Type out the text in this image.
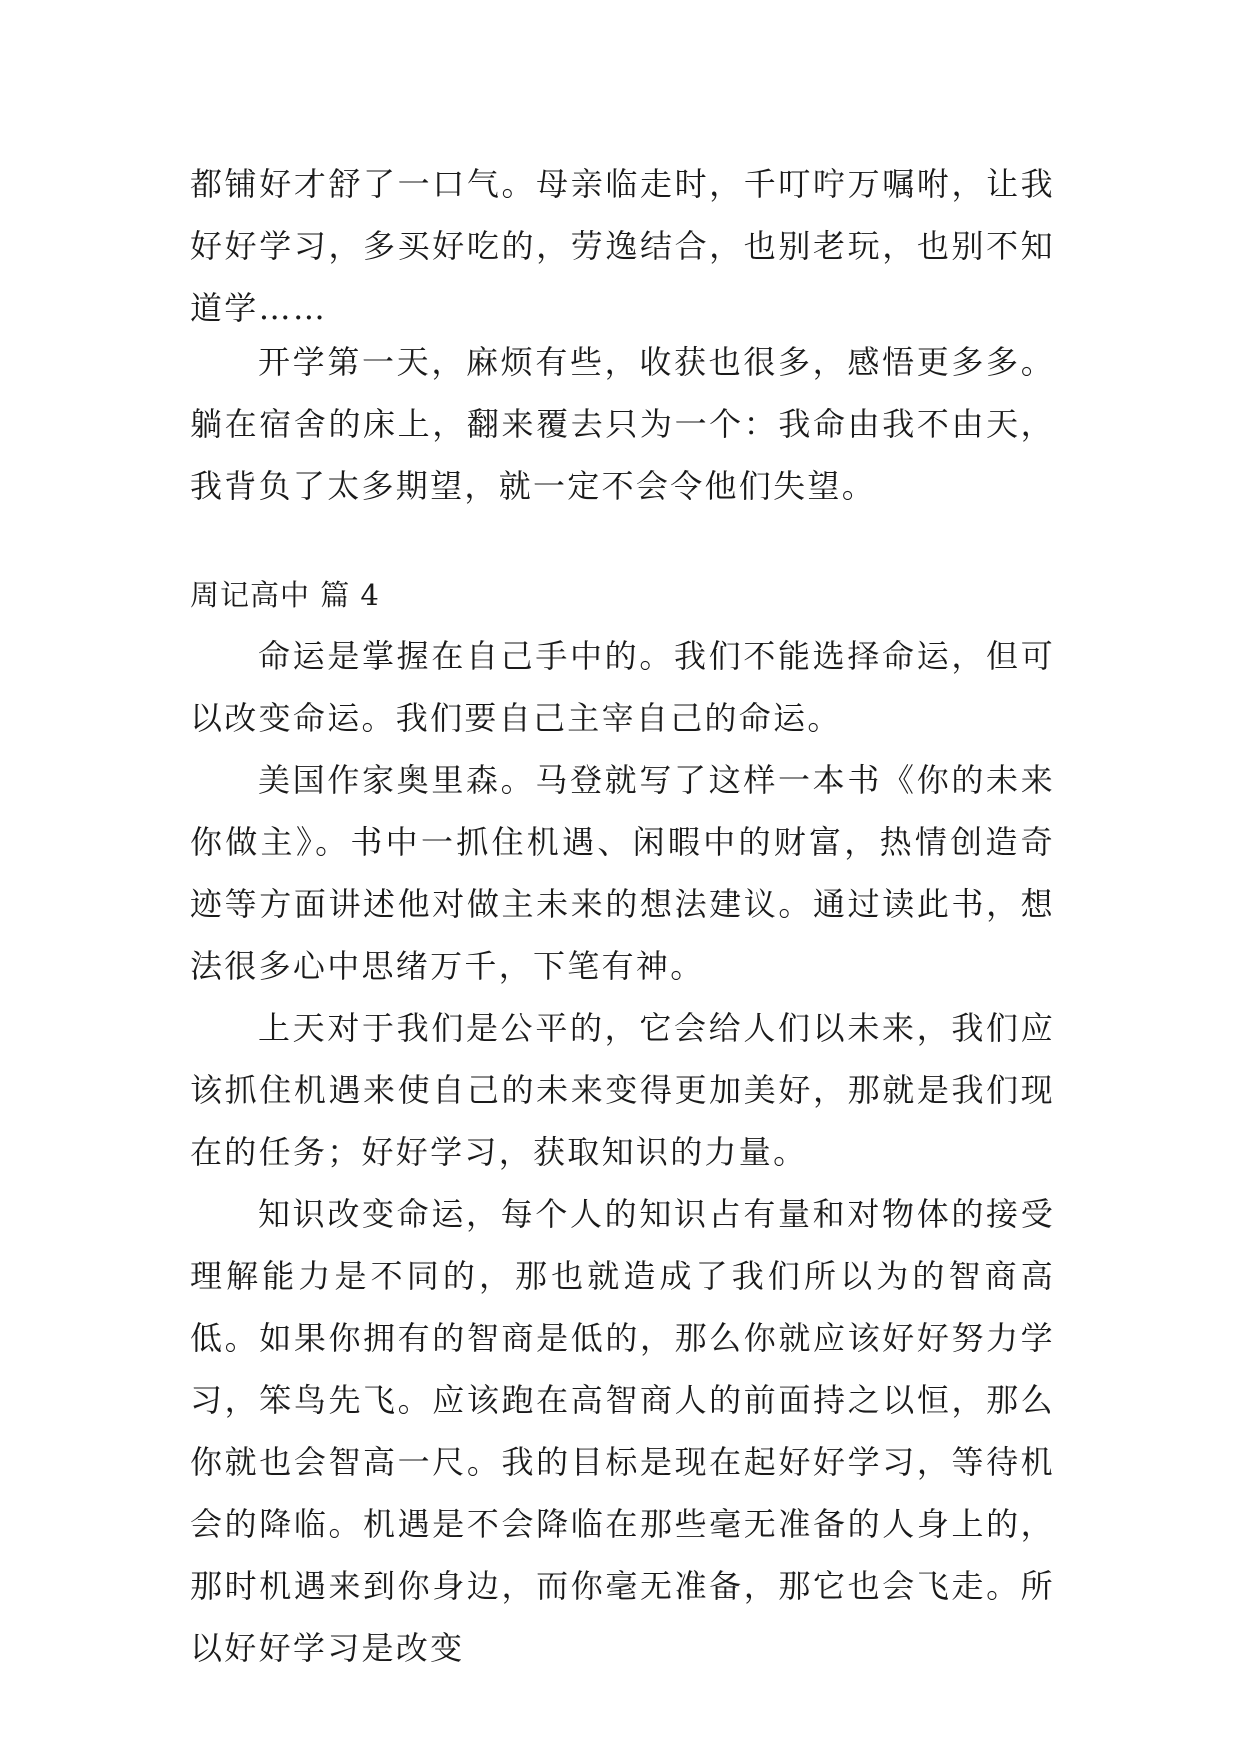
都铺好才舒了一口气。母亲临走时，千叮咛万嘱咐，让我好好学习，多买好吃的，劳逸结合，也别老玩，也别不知道学……

开学第一天，麻烦有些，收获也很多，感悟更多多。躺在宿舍的床上，翻来覆去只为一个：我命由我不由天，我背负了太多期望，就一定不会令他们失望。

周记高中 篇 4

命运是掌握在自己手中的。我们不能选择命运，但可以改变命运。我们要自己主宰自己的命运。

美国作家奥里森。马登就写了这样一本书《你的未来你做主》。书中一抓住机遇、闲暇中的财富，热情创造奇迹等方面讲述他对做主未来的想法建议。通过读此书，想法很多心中思绪万千，下笔有神。

上天对于我们是公平的，它会给人们以未来，我们应该抓住机遇来使自己的未来变得更加美好，那就是我们现在的任务；好好学习，获取知识的力量。

知识改变命运，每个人的知识占有量和对物体的接受理解能力是不同的，那也就造成了我们所以为的智商高低。如果你拥有的智商是低的，那么你就应该好好努力学习，笨鸟先飞。应该跑在高智商人的前面持之以恒，那么你就也会智高一尺。我的目标是现在起好好学习，等待机会的降临。机遇是不会降临在那些毫无准备的人身上的，那时机遇来到你身边，而你毫无准备，那它也会飞走。所以好好学习是改变
